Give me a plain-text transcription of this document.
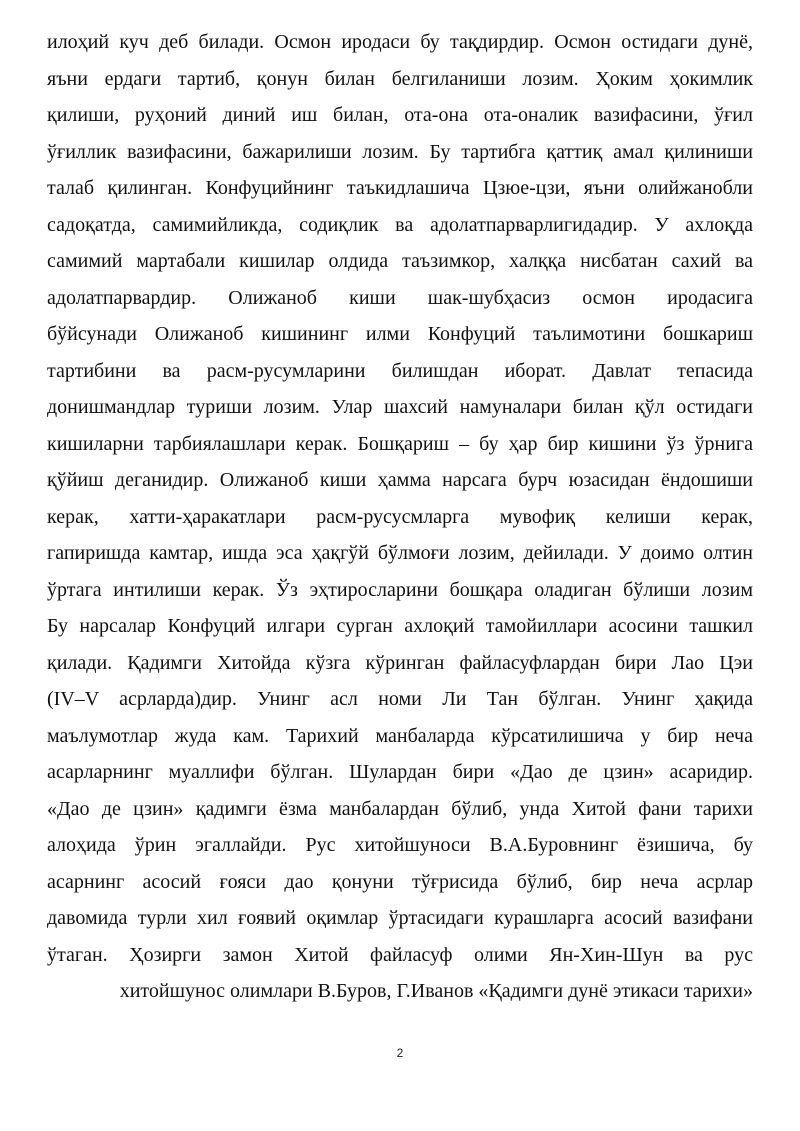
илоҳий куч деб билади. Осмон иродаси бу тақдирдир. Осмон остидаги дунё,
яъни ердаги тартиб, қонун билан белгиланиши лозим. Ҳоким ҳокимлик
қилиши, руҳоний диний иш билан, ота-она ота-оналик вазифасини, ўғил
ўғиллик вазифасини, бажарилиши лозим. Бу тартибга қаттиқ амал қилиниши
талаб қилинган. Конфуцийнинг таъкидлашича Цзюе-цзи, яъни олийжанобли
садоқатда, самимийликда, содиқлик ва адолатпарварлигидадир. У ахлоқда
самимий мартабали кишилар олдида таъзимкор, халққа нисбатан сахий ва
адолатпарвардир. Олижаноб киши шак-шубҳасиз осмон иродасига
бўйсунади Олижаноб кишининг илми Конфуций таълимотини бошкариш
тартибини ва расм-русумларини билишдан иборат. Давлат тепасида
донишмандлар туриши лозим. Улар шахсий намуналари билан қўл остидаги
кишиларни тарбиялашлари керак. Бошқариш – бу ҳар бир кишини ўз ўрнига
қўйиш деганидир. Олижаноб киши ҳамма нарсага бурч юзасидан ёндошиши
керак, хатти-ҳаракатлари расм-русусмларга мувофиқ келиши керак,
гапиришда камтар, ишда эса ҳақгўй бўлмоғи лозим, дейилади. У доимо олтин
ўртага интилиши керак. Ўз эҳтиросларини бошқара оладиган бўлиши лозим
Бу нарсалар Конфуций илгари сурган ахлоқий тамойиллари асосини ташкил
қилади. Қадимги Хитойда кўзга кўринган файласуфлардан бири Лао Цэи
(IV–V асрларда)дир. Унинг асл номи Ли Тан бўлган. Унинг ҳақида
маълумотлар жуда кам. Тарихий манбаларда кўрсатилишича у бир неча
асарларнинг муаллифи бўлган. Шулардан бири «Дао де цзин» асаридир.
«Дао де цзин» қадимги ёзма манбалардан бўлиб, унда Хитой фани тарихи
алоҳида ўрин эгаллайди. Рус хитойшуноси В.А.Буровнинг ёзишича, бу
асарнинг асосий ғояси дао қонуни тўғрисида бўлиб, бир неча асрлар
давомида турли хил ғоявий оқимлар ўртасидаги курашларга асосий вазифани
ўтаган. Ҳозирги замон Хитой файласуф олими Ян-Хин-Шун ва рус
хитойшунос олимлари В.Буров, Г.Иванов «Қадимги дунё этикаси тарихи»
2
